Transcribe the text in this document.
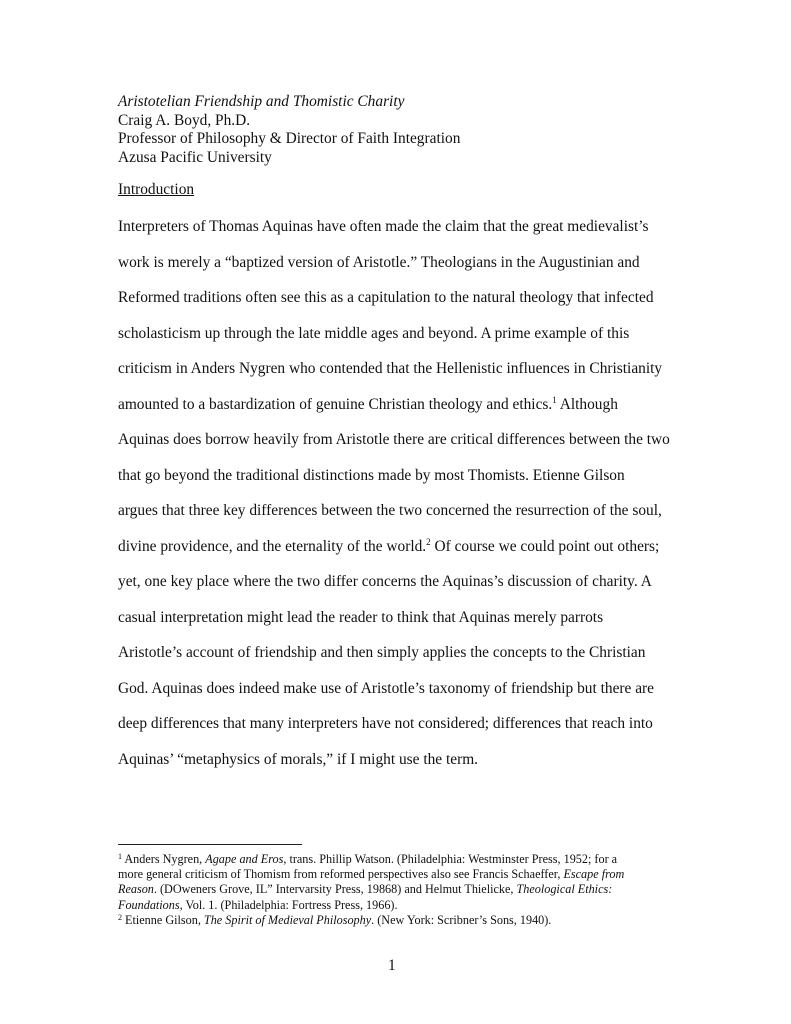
Aristotelian Friendship and Thomistic Charity
Craig A. Boyd, Ph.D.
Professor of Philosophy & Director of Faith Integration
Azusa Pacific University
Introduction
Interpreters of Thomas Aquinas have often made the claim that the great medievalist’s
work is merely a “baptized version of Aristotle.” Theologians in the Augustinian and
Reformed traditions often see this as a capitulation to the natural theology that infected
scholasticism up through the late middle ages and beyond. A prime example of this
criticism in Anders Nygren who contended that the Hellenistic influences in Christianity
amounted to a bastardization of genuine Christian theology and ethics.$^1$ Although
Aquinas does borrow heavily from Aristotle there are critical differences between the two
that go beyond the traditional distinctions made by most Thomists. Etienne Gilson
argues that three key differences between the two concerned the resurrection of the soul,
divine providence, and the eternality of the world.$^2$ Of course we could point out others;
yet, one key place where the two differ concerns the Aquinas’s discussion of charity. A
casual interpretation might lead the reader to think that Aquinas merely parrots
Aristotle’s account of friendship and then simply applies the concepts to the Christian
God. Aquinas does indeed make use of Aristotle’s taxonomy of friendship but there are
deep differences that many interpreters have not considered; differences that reach into
Aquinas’ “metaphysics of morals,” if I might use the term.
$^1$ Anders Nygren, Agape and Eros, trans. Phillip Watson. (Philadelphia: Westminster Press, 1952; for a
more general criticism of Thomism from reformed perspectives also see Francis Schaeffer, Escape from
Reason. (DOweners Grove, IL” Intervarsity Press, 19868) and Helmut Thielicke, Theological Ethics:
Foundations, Vol. 1. (Philadelphia: Fortress Press, 1966).
$^2$ Etienne Gilson, The Spirit of Medieval Philosophy. (New York: Scribner’s Sons, 1940).
1
